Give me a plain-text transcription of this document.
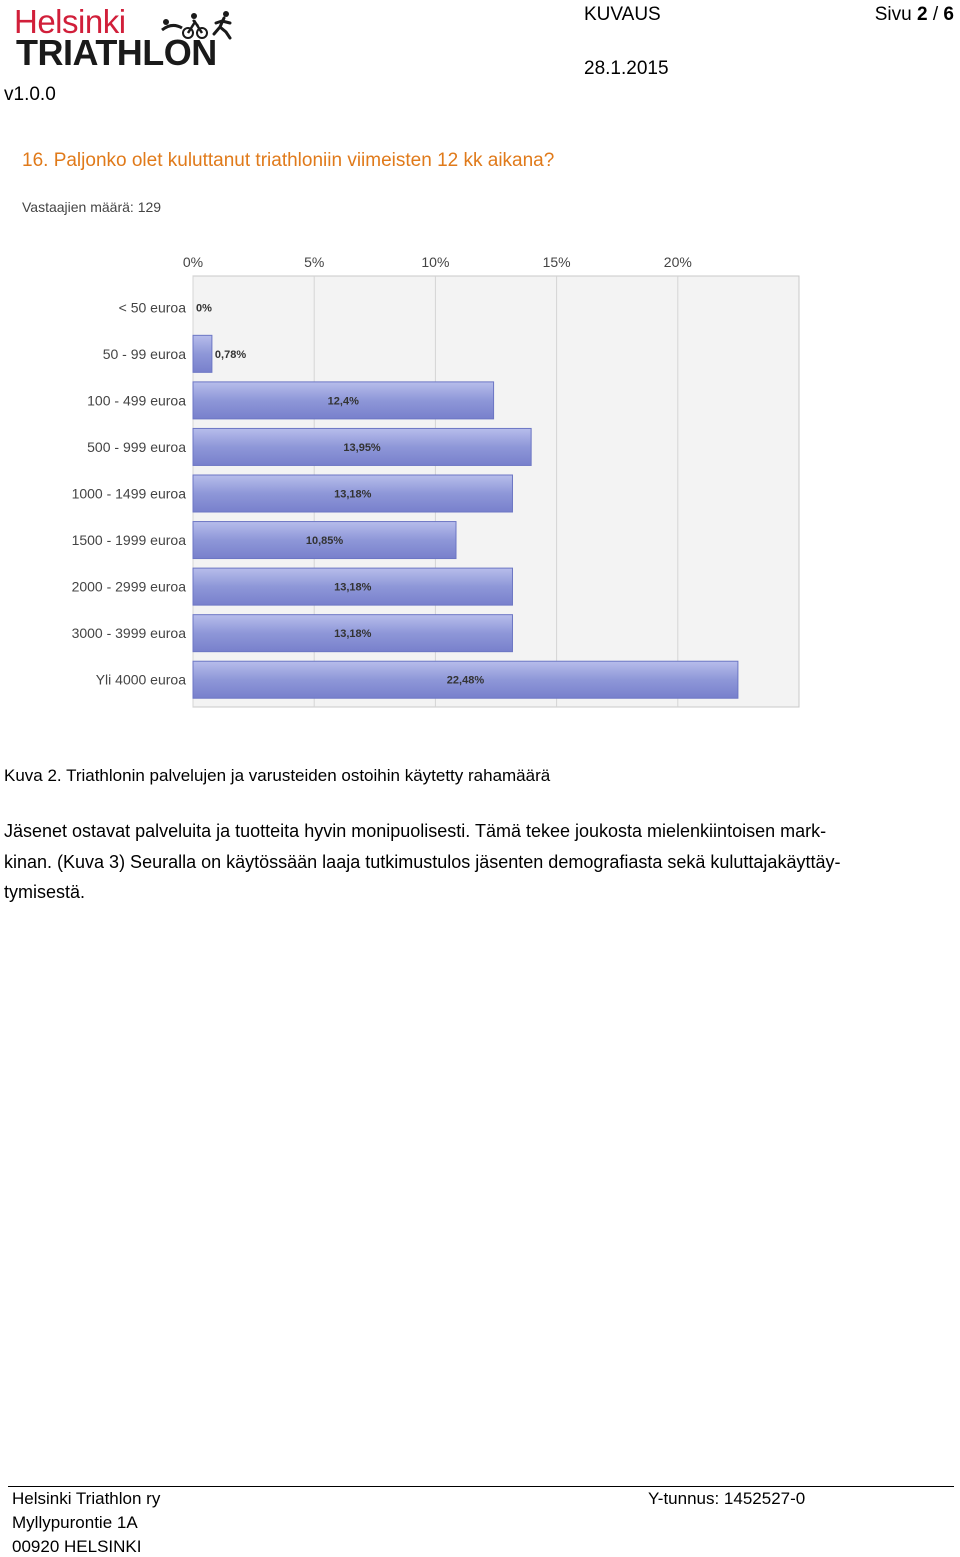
Helsinki
TRIATHLON
v1.0.0
KUVAUS
28.1.2015
Sivu 2 / 6
16. Paljonko olet kuluttanut triathloniin viimeisten 12 kk aikana?
Vastaajien määrä: 129
0%	5%	10%	15%	20%
< 50 euroa 0%
50 - 99 euroa	0,78%
100 - 499 euroa	12,4%
500 - 999 euroa	13,95%
1000 - 1499 euroa	13,18%
1500 - 1999 euroa	10,85%
2000 - 2999 euroa	13,18%
3000 - 3999 euroa	13,18%
Yli 4000 euroa	22,48%
Kuva 2. Triathlonin palvelujen ja varusteiden ostoihin käytetty rahamäärä
Jäsenet ostavat palveluita ja tuotteita hyvin monipuolisesti. Tämä tekee joukosta mielenkiintoisen mark-
kinan. (Kuva 3) Seuralla on käytössään laaja tutkimustulos jäsenten demografiasta sekä kuluttajakäyttäy-
tymisestä.
Helsinki Triathlon ry
Myllypurontie 1A
00920 HELSINKI
Y-tunnus: 1452527-0
